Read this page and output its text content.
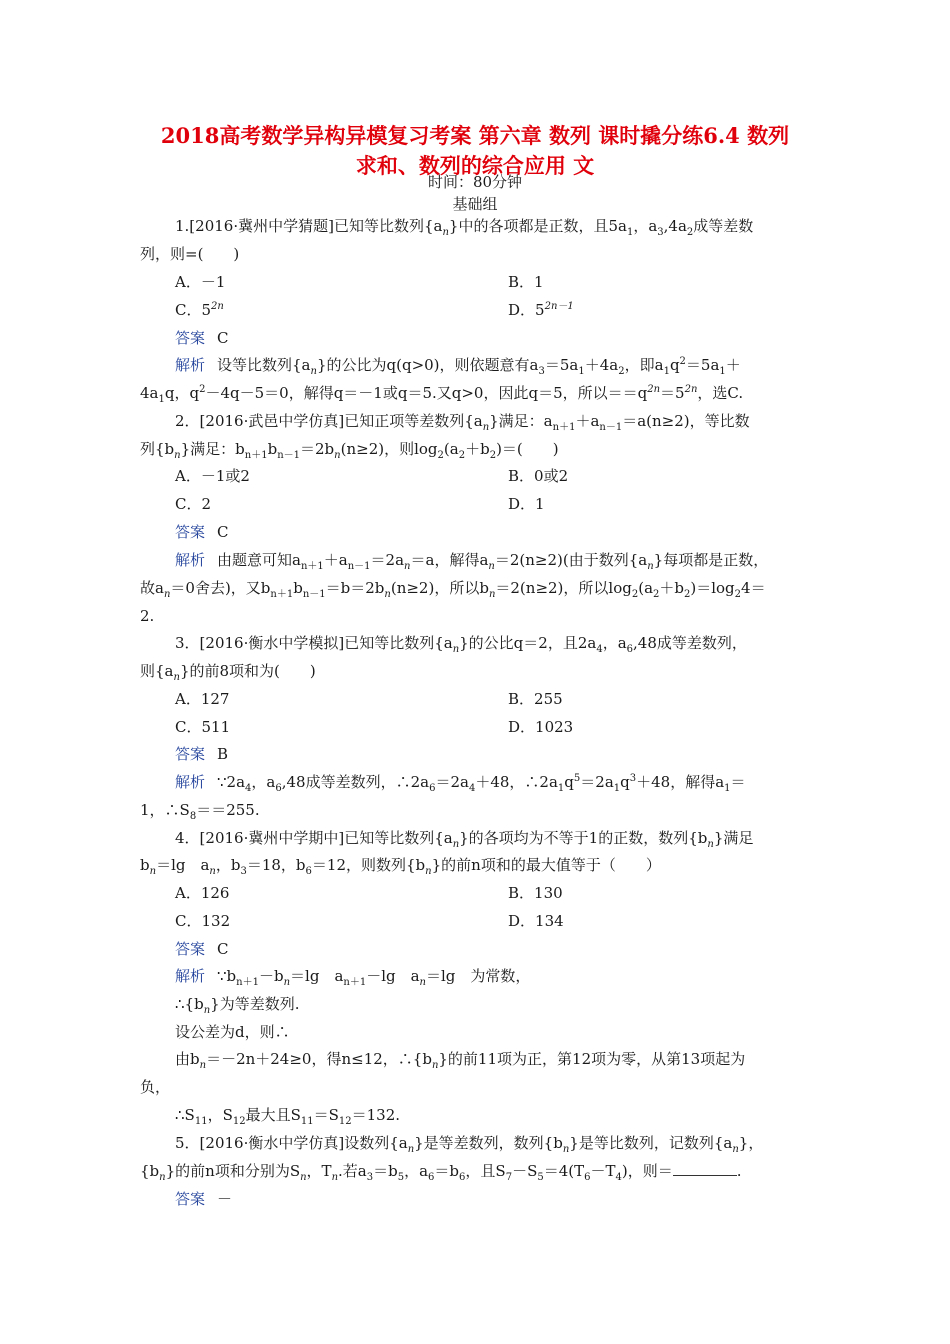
2018高考数学异构异模复习考案 第六章 数列 课时撬分练6.4 数列
求和、数列的综合应用 文
时间：80分钟
基础组
1.[2016·冀州中学猜题]已知等比数列$\{a_n\}$中的各项都是正数，且$5a_1$，$a_3,4a_2$成等差数
列，则=(　　)
A．－1	B．1
C．$5^{2n}$	D．$5^{2n-1}$
答案 C
解析 设等比数列$\{a_n\}$的公比为q(q>0)，则依题意有$a_3=5a_1+4a_2$，即$a_1q^2=5a_1+$
$4a_1q$，$q^2-4q-5=0$，解得q＝－1或q＝5.又q>0，因此q＝5，所以$==q^{2n}=5^{2n}$，选C.
2．[2016·武邑中学仿真]已知正项等差数列$\{a_n\}$满足：$a_{n+1}+a_{n-1}=a(n\ge 2)$，等比数
列$\{b_n\}$满足：$b_{n+1}b_{n-1}=2b_n(n\ge 2)$，则$\log_2(a_2+b_2)=$(　　)
A．－1或2	B．0或2
C．2	D．1
答案 C
解析 由题意可知$a_{n+1}+a_{n-1}=2a_n=a$，解得$a_n=2(n\ge 2)$(由于数列$\{a_n\}$每项都是正数，
故$a_n=0$舍去)，又$b_{n+1}b_{n-1}=b=2b_n(n\ge 2)$，所以$b_n=2(n\ge 2)$，所以$\log_2(a_2+b_2)=\log_24=$
2.
3．[2016·衡水中学模拟]已知等比数列$\{a_n\}$的公比q＝2，且$2a_4$，$a_6,48$成等差数列，
则$\{a_n\}$的前8项和为(　　)
A．127	B．255
C．511	D．1023
答案 B
解析 $\because 2a_4$，$a_6,48$成等差数列，$\therefore 2a_6=2a_4+48$，$\therefore 2a_1q^5=2a_1q^3+48$，解得$a_1=$
1，$\therefore S_8==255$.
4．[2016·冀州中学期中]已知等比数列$\{a_n\}$的各项均为不等于1的正数，数列$\{b_n\}$满足
$b_n=\lg$　$a_n$，$b_3=18$，$b_6=12$，则数列$\{b_n\}$的前n项和的最大值等于（　　）
A．126	B．130
C．132	D．134
答案 C
解析 $\because b_{n+1}-b_n=\lg$　$a_{n+1}-\lg$　$a_n=\lg$　为常数，
$\therefore\{b_n\}$为等差数列.
设公差为d，则∴
由$b_n=-2n+24\ge 0$，得n≤12，$\therefore\{b_n\}$的前11项为正，第12项为零，从第13项起为
负，
$\therefore S_{11}$，$S_{12}$最大且$S_{11}=S_{12}=132$.
5．[2016·衡水中学仿真]设数列$\{a_n\}$是等差数列，数列$\{b_n\}$是等比数列，记数列$\{a_n\}$，
$\{b_n\}$的前n项和分别为$S_n$，$T_n$.若$a_3=b_5$，$a_6=b_6$，且$S_7-S_5=4(T_6-T_4)$，则＝	.
答案 －
